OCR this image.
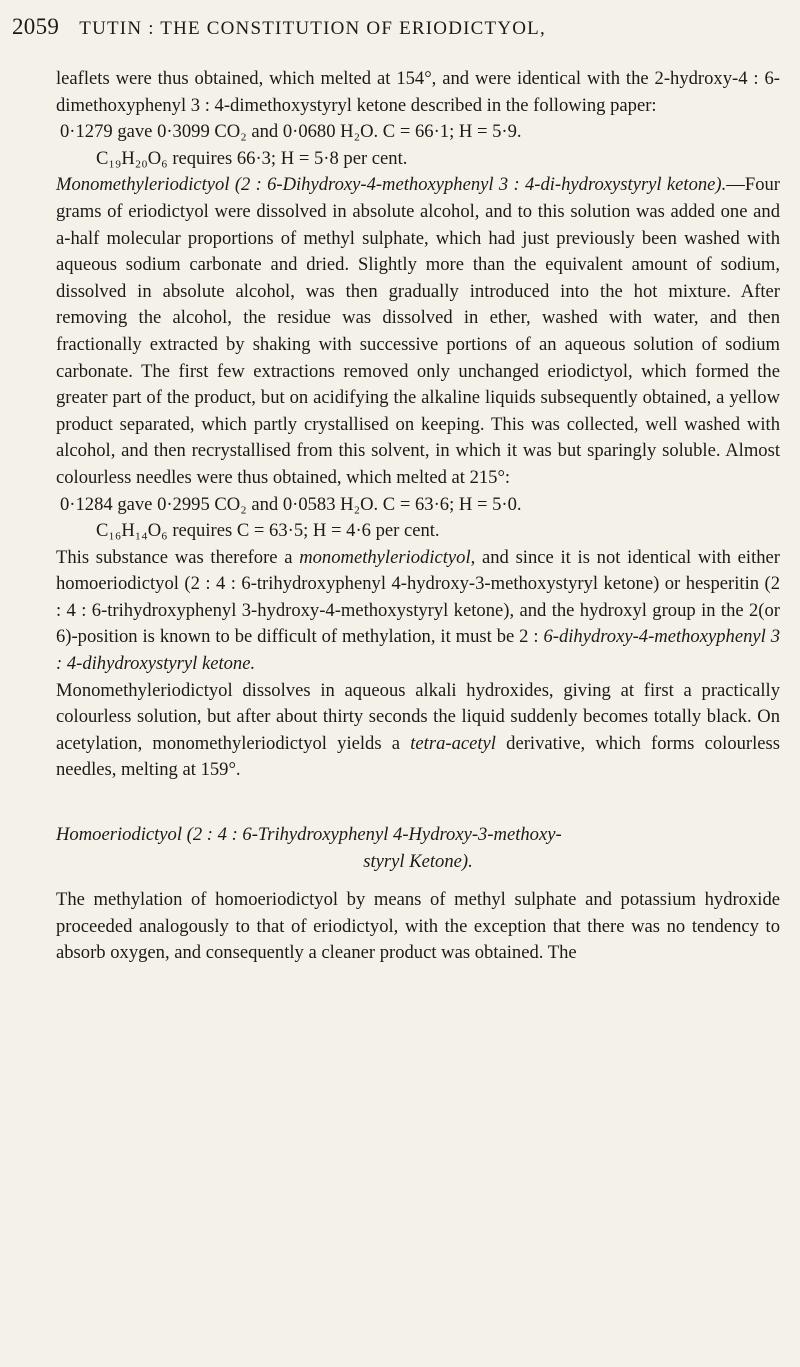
2059 TUTIN : THE CONSTITUTION OF ERIODICTYOL,

leaflets were thus obtained, which melted at 154°, and were identical with the 2-hydroxy-4 : 6-dimethoxyphenyl 3 : 4-dimethoxystyryl ketone described in the following paper:

0·1279 gave 0·3099 CO₂ and 0·0680 H₂O. C = 66·1; H = 5·9.
C₁₉H₂₀O₆ requires 66·3; H = 5·8 per cent.

Monomethyleriodictyol (2 : 6-Dihydroxy-4-methoxyphenyl 3 : 4-di-hydroxystyryl ketone).—Four grams of eriodictyol were dissolved in absolute alcohol, and to this solution was added one and a-half molecular proportions of methyl sulphate, which had just previously been washed with aqueous sodium carbonate and dried. Slightly more than the equivalent amount of sodium, dissolved in absolute alcohol, was then gradually introduced into the hot mixture. After removing the alcohol, the residue was dissolved in ether, washed with water, and then fractionally extracted by shaking with successive portions of an aqueous solution of sodium carbonate. The first few extractions removed only unchanged eriodictyol, which formed the greater part of the product, but on acidifying the alkaline liquids subsequently obtained, a yellow product separated, which partly crystallised on keeping. This was collected, well washed with alcohol, and then recrystallised from this solvent, in which it was but sparingly soluble. Almost colourless needles were thus obtained, which melted at 215°:

0·1284 gave 0·2995 CO₂ and 0·0583 H₂O. C = 63·6; H = 5·0.
C₁₆H₁₄O₆ requires C = 63·5; H = 4·6 per cent.

This substance was therefore a monomethyleriodictyol, and since it is not identical with either homoeriodictyol (2 : 4 : 6-trihydroxyphenyl 4-hydroxy-3-methoxystyryl ketone) or hesperitin (2 : 4 : 6-trihydroxyphenyl 3-hydroxy-4-methoxystyryl ketone), and the hydroxyl group in the 2(or 6)-position is known to be difficult of methylation, it must be 2 : 6-dihydroxy-4-methoxyphenyl 3 : 4-dihydroxystyryl ketone.

Monomethyleriodictyol dissolves in aqueous alkali hydroxides, giving at first a practically colourless solution, but after about thirty seconds the liquid suddenly becomes totally black. On acetylation, monomethyleriodictyol yields a tetra-acetyl derivative, which forms colourless needles, melting at 159°.

Homoeriodictyol (2 : 4 : 6-Trihydroxyphenyl 4-Hydroxy-3-methoxy-
styryl Ketone).

The methylation of homoeriodictyol by means of methyl sulphate and potassium hydroxide proceeded analogously to that of eriodictyol, with the exception that there was no tendency to absorb oxygen, and consequently a cleaner product was obtained. The
